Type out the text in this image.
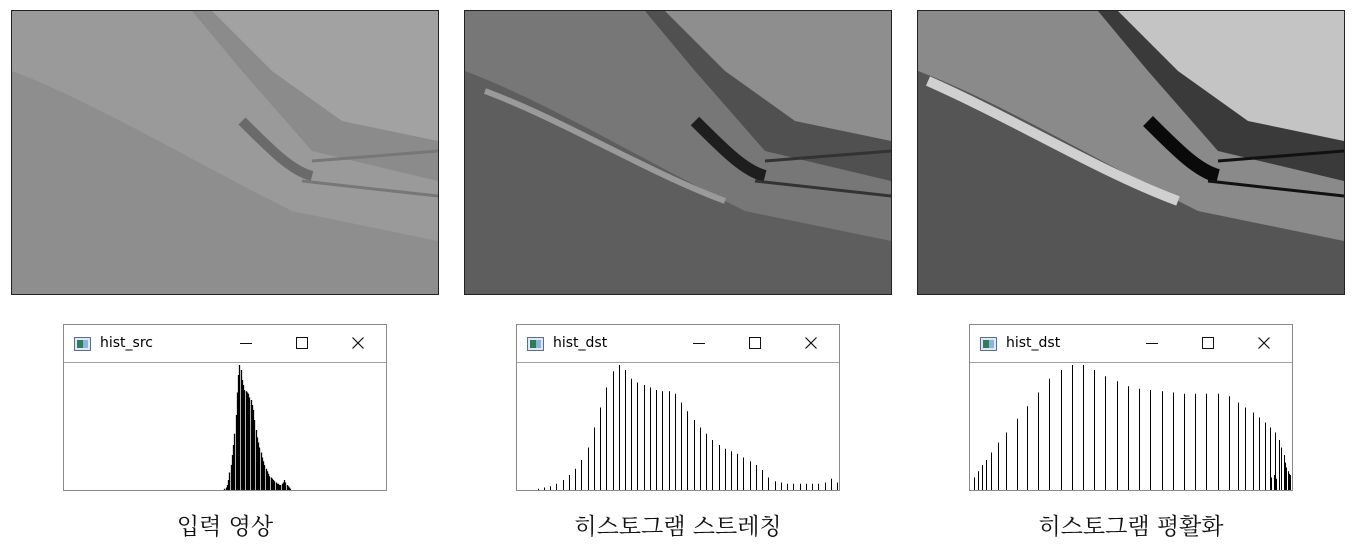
hist_src	hist_dst	hist_dst
입력 영상	히스토그램 스트레칭	히스토그램 평활화
